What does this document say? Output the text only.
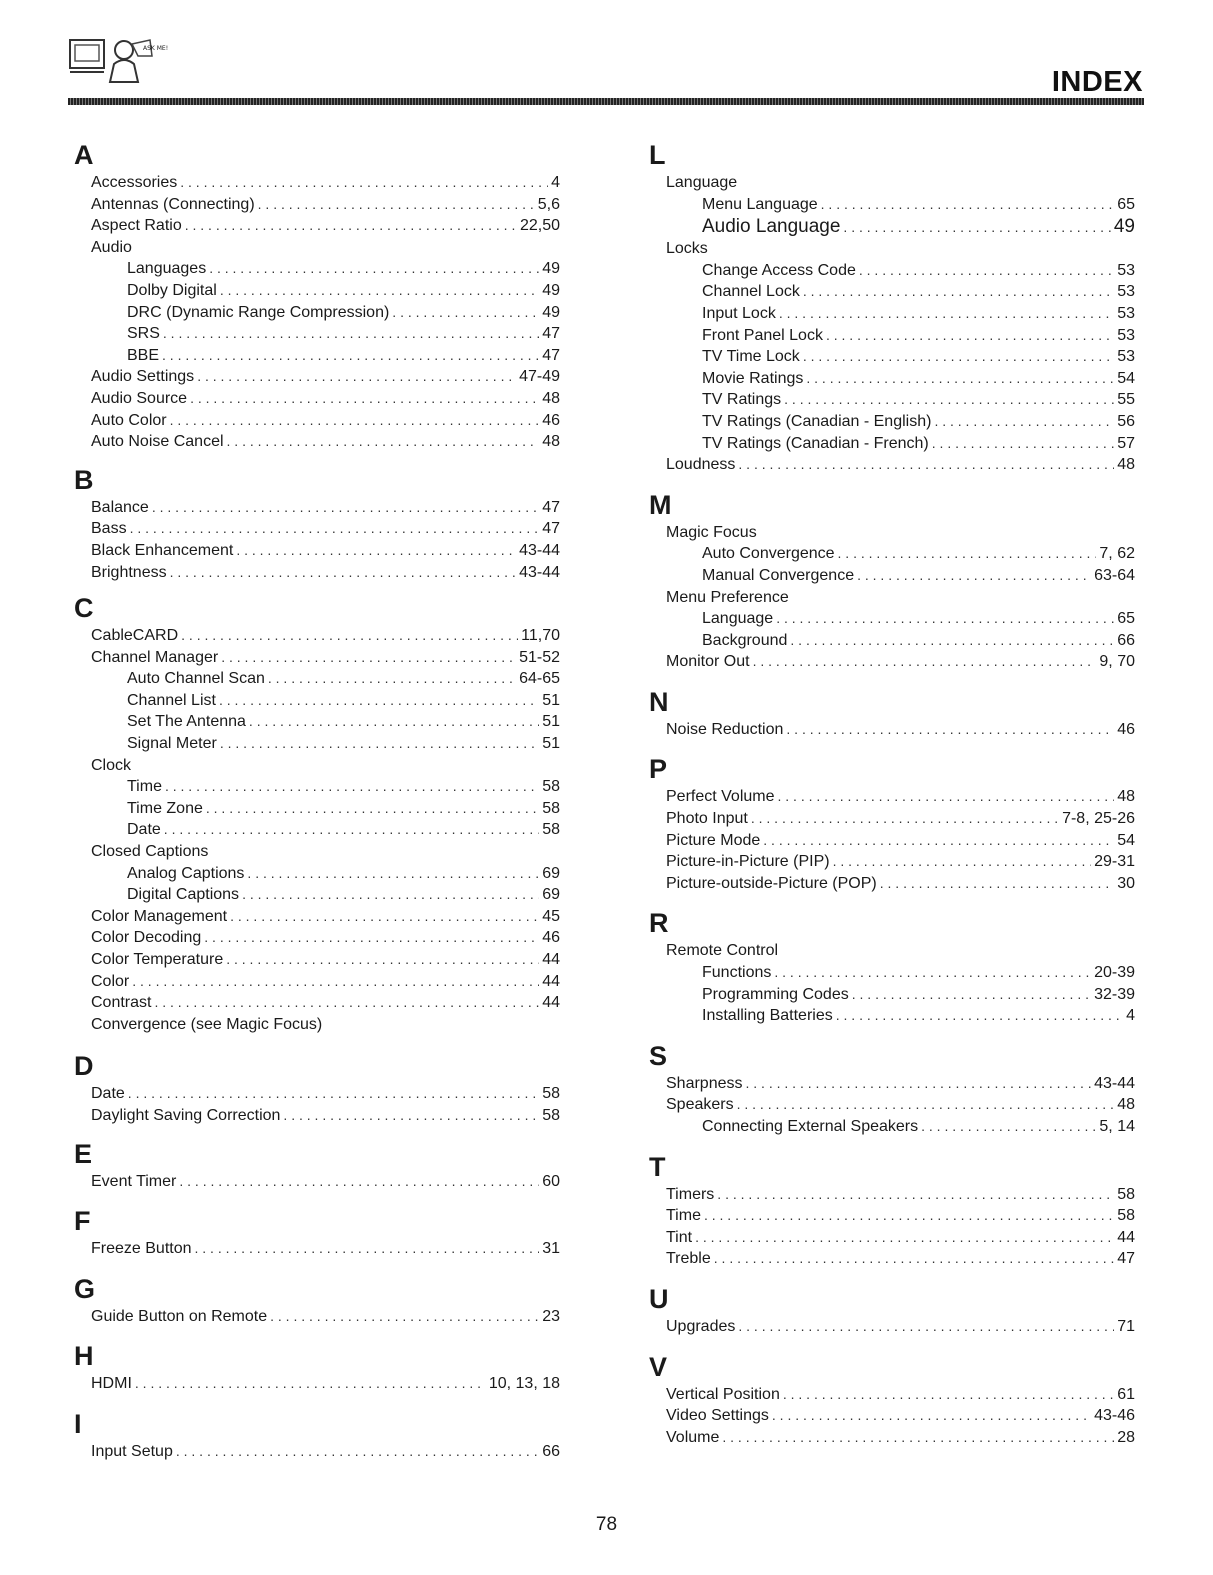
ASK ME!
INDEX
A
Accessories . . .	4
Antennas (Connecting) . . .	5,6
Aspect Ratio . . .	22,50
Audio
Languages . . .	49
Dolby Digital . . .	49
DRC (Dynamic Range Compression) . . .	49
SRS . . .	47
BBE . . .	47
Audio Settings . . .	47-49
Audio Source . . .	48
Auto Color . . .	46
Auto Noise Cancel . . .	48
B
Balance . . .	47
Bass . . .	47
Black Enhancement . . .	43-44
Brightness . . .	43-44
C
CableCARD . . .	11,70
Channel Manager . . .	51-52
Auto Channel Scan . . .	64-65
Channel List . . .	51
Set The Antenna . . .	51
Signal Meter . . .	51
Clock
Time . . .	58
Time Zone . . .	58
Date . . .	58
Closed Captions
Analog Captions . . .	69
Digital Captions . . .	69
Color Management . . .	45
Color Decoding . . .	46
Color Temperature . . .	44
Color . . .	44
Contrast . . .	44
Convergence (see Magic Focus)
D
Date . . .	58
Daylight Saving Correction . . .	58
E
Event Timer . . .	60
F
Freeze Button . . .	31
G
Guide Button on Remote . . .	23
H
HDMI . . .	10, 13, 18
I
Input Setup . . .	66
L
Language
Menu Language . . .	65
Audio Language . . .	49
Locks
Change Access Code . . .	53
Channel Lock . . .	53
Input Lock . . .	53
Front Panel Lock . . .	53
TV Time Lock . . .	53
Movie Ratings . . .	54
TV Ratings . . .	55
TV Ratings (Canadian - English) . . .	56
TV Ratings (Canadian - French) . . .	57
Loudness . . .	48
M
Magic Focus
Auto Convergence . . .	7, 62
Manual Convergence . . .	63-64
Menu Preference
Language . . .	65
Background . . .	66
Monitor Out . . .	9, 70
N
Noise Reduction . . .	46
P
Perfect Volume . . .	48
Photo Input . . .	7-8, 25-26
Picture Mode . . .	54
Picture-in-Picture (PIP) . . .	29-31
Picture-outside-Picture (POP) . . .	30
R
Remote Control
Functions . . .	20-39
Programming Codes . . .	32-39
Installing Batteries . . .	4
S
Sharpness . . .	43-44
Speakers . . .	48
Connecting External Speakers . . .	5, 14
T
Timers . . .	58
Time . . .	58
Tint . . .	44
Treble . . .	47
U
Upgrades . . .	71
V
Vertical Position . . .	61
Video Settings . . .	43-46
Volume . . .	28
78
